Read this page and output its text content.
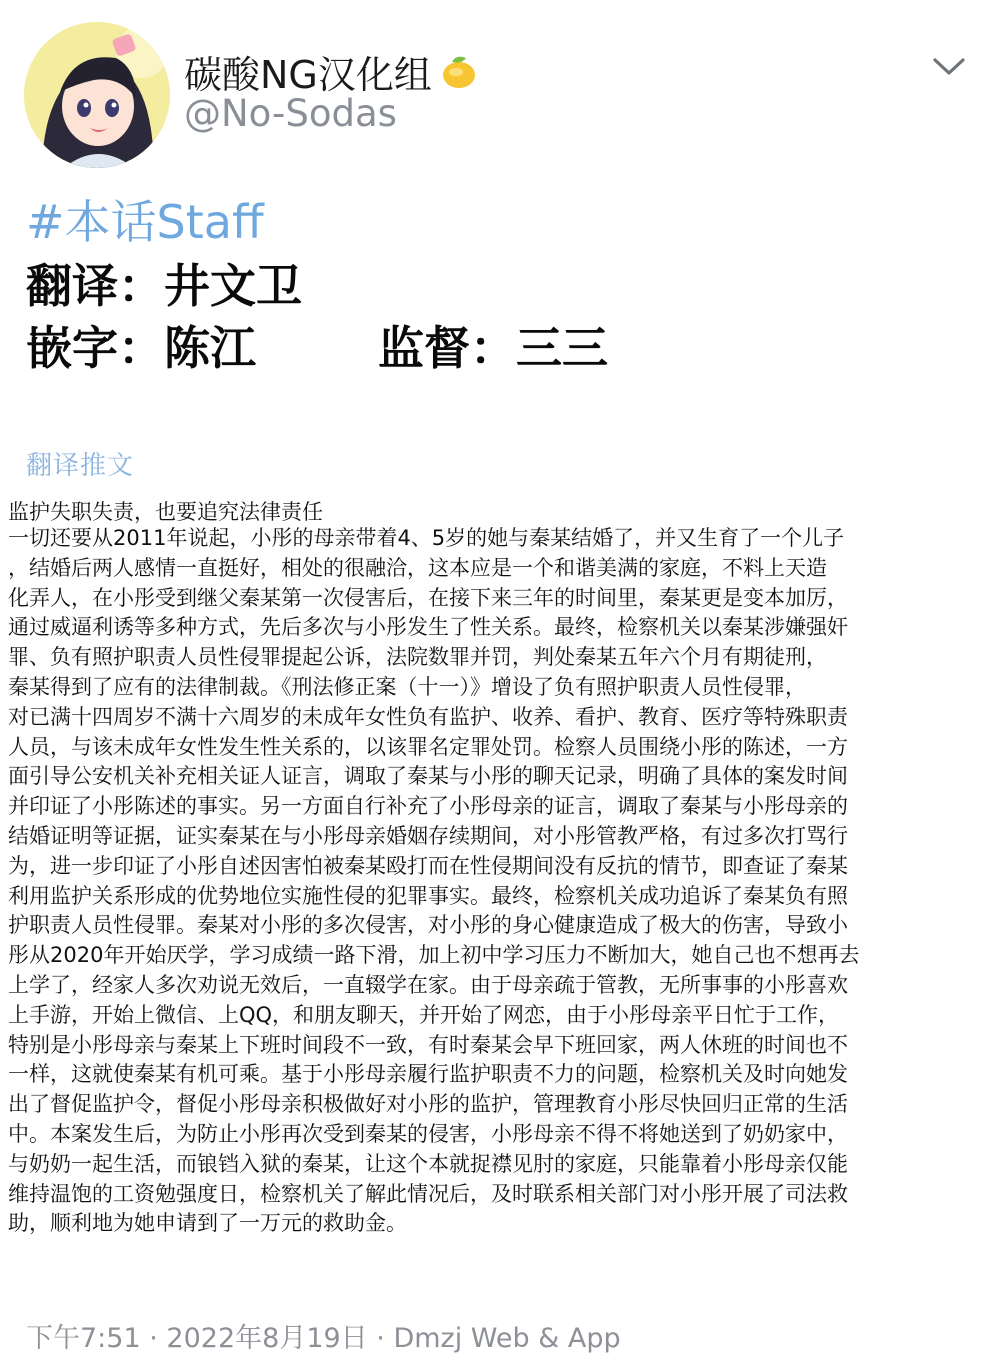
碳酸NG汉化组
@No-Sodas
#本话Staff
翻译：井文卫
嵌字：陈江	监督：三三
翻译推文
监护失职失责，也要追究法律责任
一切还要从2011年说起，小彤的母亲带着4、5岁的她与秦某结婚了，并又生育了一个儿子
，结婚后两人感情一直挺好，相处的很融洽，这本应是一个和谐美满的家庭，不料上天造
化弄人，在小彤受到继父秦某第一次侵害后，在接下来三年的时间里，秦某更是变本加厉，
通过威逼利诱等多种方式，先后多次与小彤发生了性关系。最终，检察机关以秦某涉嫌强奸
罪、负有照护职责人员性侵罪提起公诉，法院数罪并罚，判处秦某五年六个月有期徒刑，
秦某得到了应有的法律制裁。《刑法修正案（十一）》增设了负有照护职责人员性侵罪，
对已满十四周岁不满十六周岁的未成年女性负有监护、收养、看护、教育、医疗等特殊职责
人员，与该未成年女性发生性关系的，以该罪名定罪处罚。检察人员围绕小彤的陈述，一方
面引导公安机关补充相关证人证言，调取了秦某与小彤的聊天记录，明确了具体的案发时间
并印证了小彤陈述的事实。另一方面自行补充了小彤母亲的证言，调取了秦某与小彤母亲的
结婚证明等证据，证实秦某在与小彤母亲婚姻存续期间，对小彤管教严格，有过多次打骂行
为，进一步印证了小彤自述因害怕被秦某殴打而在性侵期间没有反抗的情节，即查证了秦某
利用监护关系形成的优势地位实施性侵的犯罪事实。最终，检察机关成功追诉了秦某负有照
护职责人员性侵罪。秦某对小彤的多次侵害，对小彤的身心健康造成了极大的伤害，导致小
彤从2020年开始厌学，学习成绩一路下滑，加上初中学习压力不断加大，她自己也不想再去
上学了，经家人多次劝说无效后，一直辍学在家。由于母亲疏于管教，无所事事的小彤喜欢
上手游，开始上微信、上QQ，和朋友聊天，并开始了网恋，由于小彤母亲平日忙于工作，
特别是小彤母亲与秦某上下班时间段不一致，有时秦某会早下班回家，两人休班的时间也不
一样，这就使秦某有机可乘。基于小彤母亲履行监护职责不力的问题，检察机关及时向她发
出了督促监护令，督促小彤母亲积极做好对小彤的监护，管理教育小彤尽快回归正常的生活
中。本案发生后，为防止小彤再次受到秦某的侵害，小彤母亲不得不将她送到了奶奶家中，
与奶奶一起生活，而锒铛入狱的秦某，让这个本就捉襟见肘的家庭，只能靠着小彤母亲仅能
维持温饱的工资勉强度日，检察机关了解此情况后，及时联系相关部门对小彤开展了司法救
助，顺利地为她申请到了一万元的救助金。
下午7:51 · 2022年8月19日 · Dmzj Web & App
